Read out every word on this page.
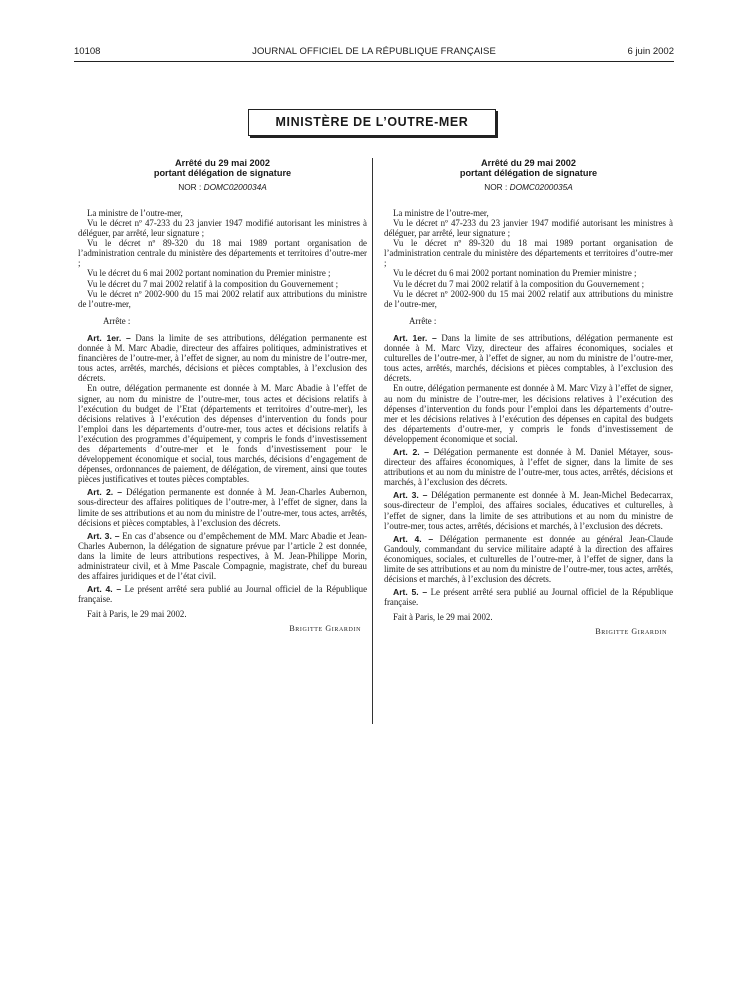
10108	JOURNAL OFFICIEL DE LA RÉPUBLIQUE FRANÇAISE	6 juin 2002
MINISTÈRE DE L’OUTRE-MER
Arrêté du 29 mai 2002
portant délégation de signature
NOR : DOMC0200034A

La ministre de l’outre-mer,

Vu le décret nº 47-233 du 23 janvier 1947 modifié autorisant les ministres à déléguer, par arrêté, leur signature ;

Vu le décret nº 89-320 du 18 mai 1989 portant organisation de l’administration centrale du ministère des départements et territoires d’outre-mer ;

Vu le décret du 6 mai 2002 portant nomination du Premier ministre ;

Vu le décret du 7 mai 2002 relatif à la composition du Gouvernement ;

Vu le décret nº 2002-900 du 15 mai 2002 relatif aux attributions du ministre de l’outre-mer,

Arrête :

Art. 1er. – Dans la limite de ses attributions, délégation permanente est donnée à M. Marc Abadie, directeur des affaires politiques, administratives et financières de l’outre-mer, à l’effet de signer, au nom du ministre de l’outre-mer, tous actes, arrêtés, marchés, décisions et pièces comptables, à l’exclusion des décrets.

En outre, délégation permanente est donnée à M. Marc Abadie à l’effet de signer, au nom du ministre de l’outre-mer, tous actes et décisions relatifs à l’exécution du budget de l’Etat (départements et territoires d’outre-mer), les décisions relatives à l’exécution des dépenses d’intervention du fonds pour l’emploi dans les départements d’outre-mer, tous actes et décisions relatifs à l’exécution des programmes d’équipement, y compris le fonds d’investissement des départements d’outre-mer et le fonds d’investissement pour le développement économique et social, tous marchés, décisions d’engagement de dépenses, ordonnances de paiement, de délégation, de virement, ainsi que toutes pièces justificatives et toutes pièces comptables.

Art. 2. – Délégation permanente est donnée à M. Jean-Charles Aubernon, sous-directeur des affaires politiques de l’outre-mer, à l’effet de signer, dans la limite de ses attributions et au nom du ministre de l’outre-mer, tous actes, arrêtés, décisions et pièces comptables, à l’exclusion des décrets.

Art. 3. – En cas d’absence ou d’empêchement de MM. Marc Abadie et Jean-Charles Aubernon, la délégation de signature prévue par l’article 2 est donnée, dans la limite de leurs attributions respectives, à M. Jean-Philippe Morin, administrateur civil, et à Mme Pascale Compagnie, magistrate, chef du bureau des affaires juridiques et de l’état civil.

Art. 4. – Le présent arrêté sera publié au Journal officiel de la République française.

Fait à Paris, le 29 mai 2002.

Brigitte Girardin

Arrêté du 29 mai 2002
portant délégation de signature
NOR : DOMC0200035A

La ministre de l’outre-mer,

Vu le décret nº 47-233 du 23 janvier 1947 modifié autorisant les ministres à déléguer, par arrêté, leur signature ;

Vu le décret nº 89-320 du 18 mai 1989 portant organisation de l’administration centrale du ministère des départements et territoires d’outre-mer ;

Vu le décret du 6 mai 2002 portant nomination du Premier ministre ;

Vu le décret du 7 mai 2002 relatif à la composition du Gouvernement ;

Vu le décret nº 2002-900 du 15 mai 2002 relatif aux attributions du ministre de l’outre-mer,

Arrête :

Art. 1er. – Dans la limite de ses attributions, délégation permanente est donnée à M. Marc Vizy, directeur des affaires économiques, sociales et culturelles de l’outre-mer, à l’effet de signer, au nom du ministre de l’outre-mer, tous actes, arrêtés, marchés, décisions et pièces comptables, à l’exclusion des décrets.

En outre, délégation permanente est donnée à M. Marc Vizy à l’effet de signer, au nom du ministre de l’outre-mer, les décisions relatives à l’exécution des dépenses d’intervention du fonds pour l’emploi dans les départements d’outre-mer et les décisions relatives à l’exécution des dépenses en capital des budgets des départements d’outre-mer, y compris le fonds d’investissement de développement économique et social.

Art. 2. – Délégation permanente est donnée à M. Daniel Métayer, sous-directeur des affaires économiques, à l’effet de signer, dans la limite de ses attributions et au nom du ministre de l’outre-mer, tous actes, arrêtés, décisions et marchés, à l’exclusion des décrets.

Art. 3. – Délégation permanente est donnée à M. Jean-Michel Bedecarrax, sous-directeur de l’emploi, des affaires sociales, éducatives et culturelles, à l’effet de signer, dans la limite de ses attributions et au nom du ministre de l’outre-mer, tous actes, arrêtés, décisions et marchés, à l’exclusion des décrets.

Art. 4. – Délégation permanente est donnée au général Jean-Claude Gandouly, commandant du service militaire adapté à la direction des affaires économiques, sociales, et culturelles de l’outre-mer, à l’effet de signer, dans la limite de ses attributions et au nom du ministre de l’outre-mer, tous actes, arrêtés, décisions et marchés, à l’exclusion des décrets.

Art. 5. – Le présent arrêté sera publié au Journal officiel de la République française.

Fait à Paris, le 29 mai 2002.

Brigitte Girardin
